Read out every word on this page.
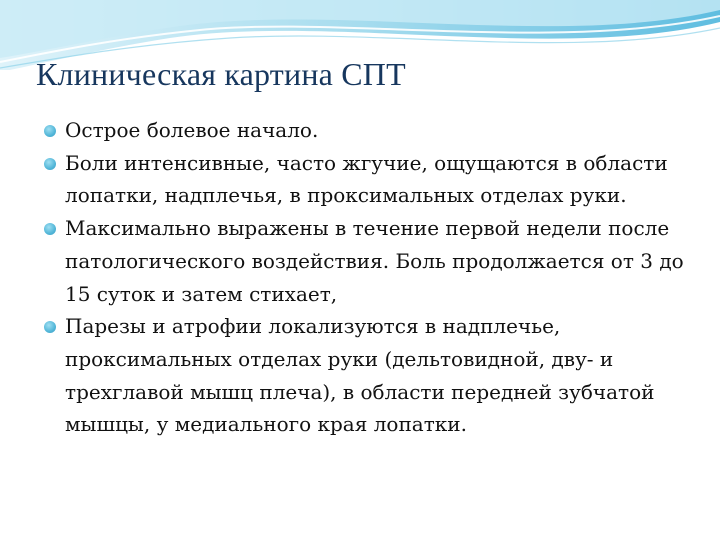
Клиническая картина СПТ
Острое болевое начало.
Боли интенсивные, часто жгучие, ощущаются в области лопатки, надплечья, в проксимальных отделах руки.
Максимально выражены в течение первой недели после патологического воздействия. Боль продолжается от 3 до 15 суток и затем стихает,
Парезы и атрофии локализуются в надплечье, проксимальных отделах руки (дельтовидной, дву- и трехглавой мышц плеча), в области передней зубчатой мышцы, у медиального края лопатки.
